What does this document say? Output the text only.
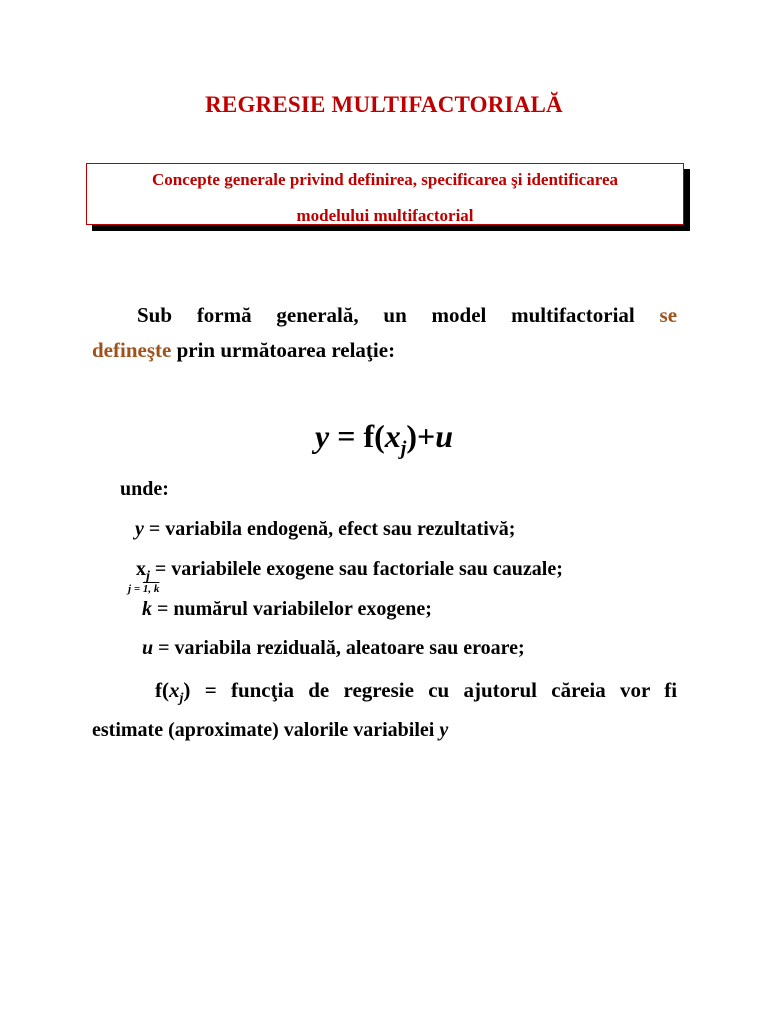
REGRESIE MULTIFACTORIALĂ
Concepte generale privind definirea, specificarea şi identificarea
modelului multifactorial
Sub formă generală, un model multifactorial se
defineşte prin următoarea relaţie:
$y = f(x_j)+u$
unde:
y = variabila endogenă, efect sau rezultativă;
$x_j$ = variabilele exogene sau factoriale sau cauzale;
j = 1, k
k = numărul variabilelor exogene;
u = variabila reziduală, aleatoare sau eroare;
$f(x_j)$ = funcţia de regresie cu ajutorul căreia vor fi
estimate (aproximate) valorile variabilei y
